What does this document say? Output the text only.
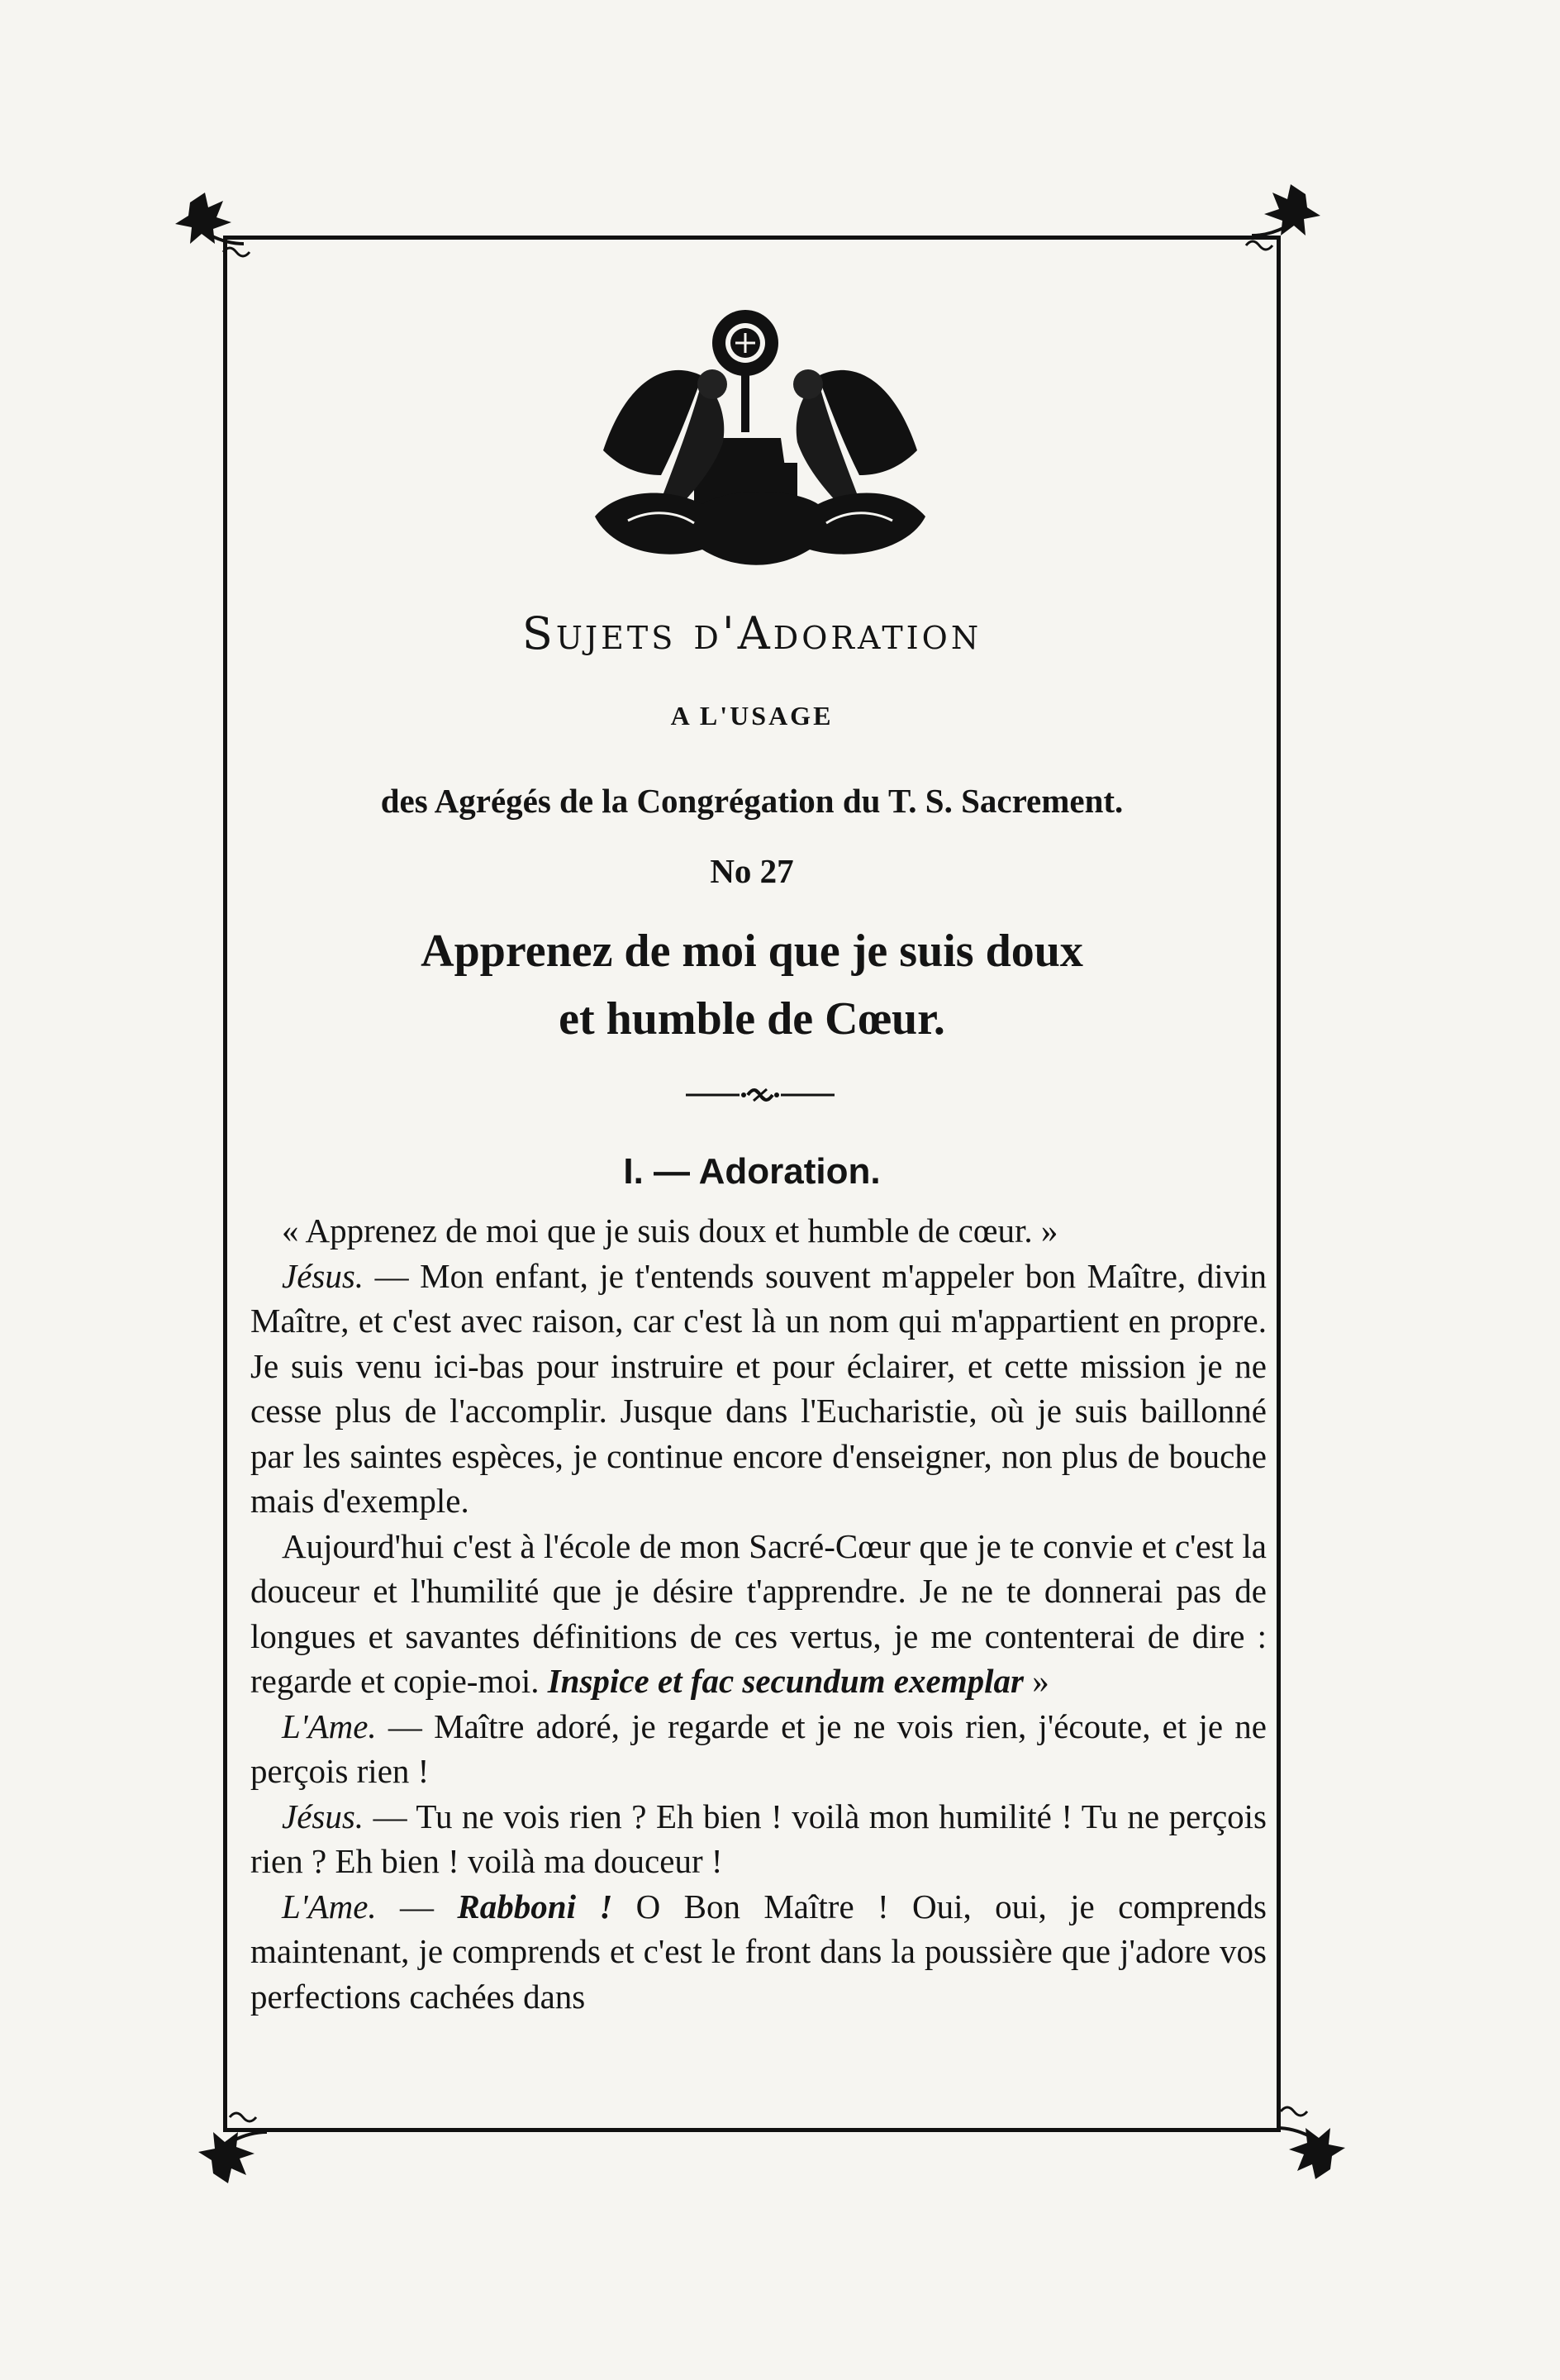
Sujets d'Adoration
A L'USAGE
des Agrégés de la Congrégation du T. S. Sacrement.
No 27
Apprenez de moi que je suis doux
et humble de Cœur.
I. — Adoration.

« Apprenez de moi que je suis doux et humble de cœur. »

Jésus. — Mon enfant, je t'entends souvent m'appeler bon Maître, divin Maître, et c'est avec raison, car c'est là un nom qui m'appartient en propre. Je suis venu ici-bas pour instruire et pour éclairer, et cette mission je ne cesse plus de l'accomplir. Jusque dans l'Eucharistie, où je suis baillonné par les saintes espèces, je continue encore d'enseigner, non plus de bouche mais d'exemple.

Aujourd'hui c'est à l'école de mon Sacré-Cœur que je te convie et c'est la douceur et l'humilité que je désire t'apprendre. Je ne te donnerai pas de longues et savantes définitions de ces vertus, je me contenterai de dire : regarde et copie-moi. Inspice et fac secundum exemplar »

L'Ame. — Maître adoré, je regarde et je ne vois rien, j'écoute, et je ne perçois rien !

Jésus. — Tu ne vois rien ? Eh bien ! voilà mon humilité ! Tu ne perçois rien ? Eh bien ! voilà ma douceur !

L'Ame. — Rabboni ! O Bon Maître ! Oui, oui, je comprends maintenant, je comprends et c'est le front dans la poussière que j'adore vos perfections cachées dans
